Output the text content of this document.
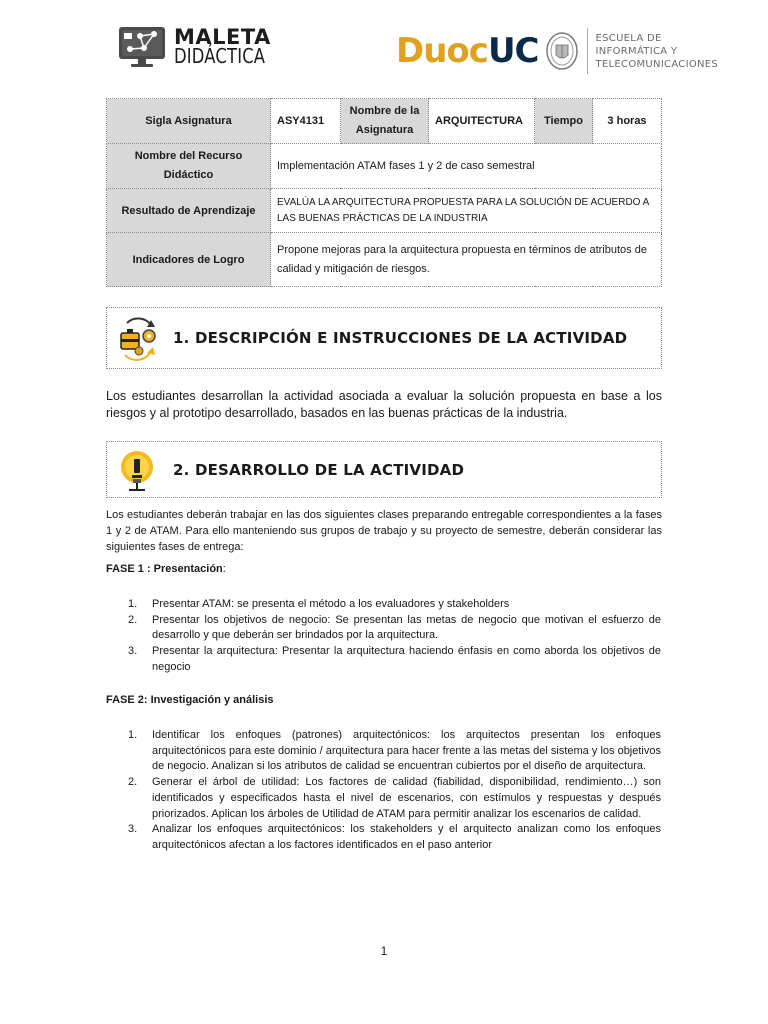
MALETA
DIDÁCTICA	DuocUC	ESCUELA DE
INFORMÁTICA Y
TELECOMUNICACIONES
Sigla Asignatura	ASY4131	Nombre de la Asignatura	ARQUITECTURA	Tiempo	3 horas
Nombre del Recurso Didáctico	Implementación ATAM fases 1 y 2 de caso semestral				
Resultado de Aprendizaje	EVALÚA LA ARQUITECTURA PROPUESTA PARA LA SOLUCIÓN DE ACUERDO A LAS BUENAS PRÁCTICAS DE LA INDUSTRIA				
Indicadores de Logro	Propone mejoras para la arquitectura propuesta en términos de atributos de calidad y mitigación de riesgos.				
1. DESCRIPCIÓN E INSTRUCCIONES DE LA ACTIVIDAD
Los estudiantes desarrollan la actividad asociada a evaluar la solución propuesta en base a los riesgos y al prototipo desarrollado, basados en las buenas prácticas de la industria.
2. DESARROLLO DE LA ACTIVIDAD
Los estudiantes deberán trabajar en las dos siguientes clases preparando entregable correspondientes a la fases 1 y 2 de ATAM. Para ello manteniendo sus grupos de trabajo y su proyecto de semestre, deberán considerar las siguientes fases de entrega:
FASE 1 : Presentación:
1.	Presentar ATAM: se presenta el método a los evaluadores y stakeholders
2.	Presentar los objetivos de negocio: Se presentan las metas de negocio que motivan el esfuerzo de desarrollo y que deberán ser brindados por la arquitectura.
3.	Presentar la arquitectura: Presentar la arquitectura haciendo énfasis en como aborda los objetivos de negocio
FASE 2: Investigación y análisis
1.	Identificar los enfoques (patrones) arquitectónicos: los arquitectos presentan los enfoques arquitectónicos para este dominio / arquitectura para hacer frente a las metas del sistema y los objetivos de negocio. Analizan si los atributos de calidad se encuentran cubiertos por el diseño de arquitectura.
2.	Generar el árbol de utilidad: Los factores de calidad (fiabilidad, disponibilidad, rendimiento…) son identificados y especificados hasta el nivel de escenarios, con estímulos y respuestas y después priorizados. Aplican los árboles de Utilidad de ATAM para permitir analizar los escenarios de calidad.
3.	Analizar los enfoques arquitectónicos: los stakeholders y el arquitecto analizan como los enfoques arquitectónicos afectan a los factores identificados en el paso anterior
1
